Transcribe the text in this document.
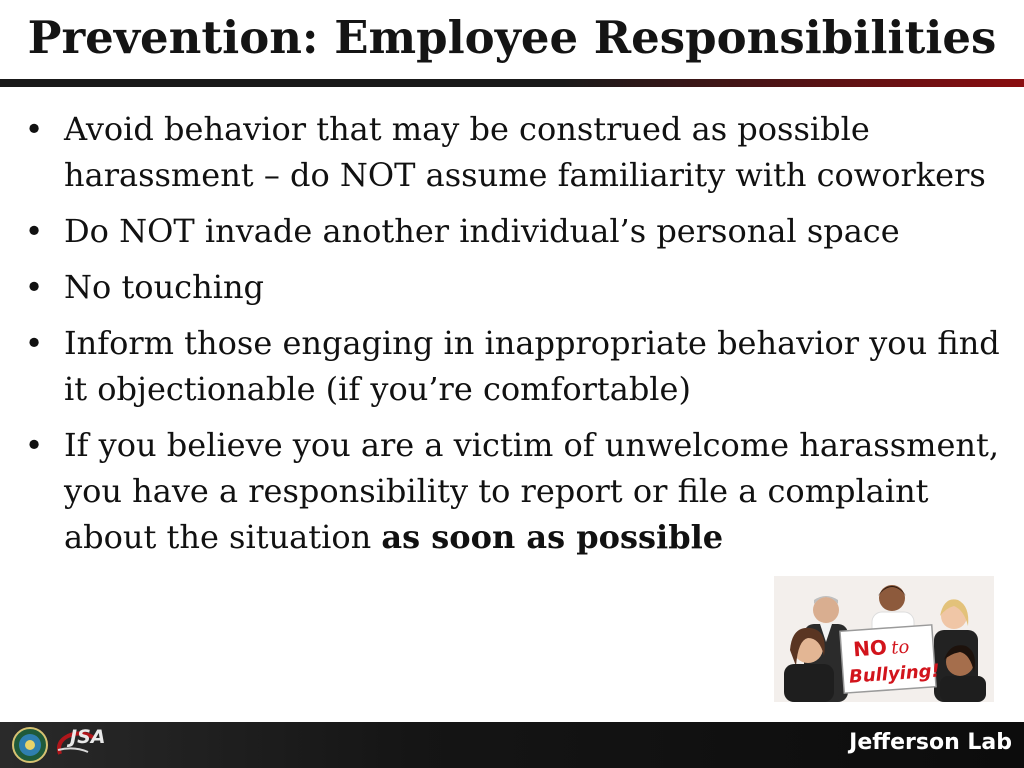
Prevention: Employee Responsibilities
• Avoid behavior that may be construed as possible harassment – do NOT assume familiarity with coworkers
• Do NOT invade another individual’s personal space
• No touching
• Inform those engaging in inappropriate behavior you find it objectionable (if you’re comfortable)
• If you believe you are a victim of unwelcome harassment, you have a responsibility to report or file a complaint about the situation as soon as possible
NO to
Bullying!
JSA	Jefferson Lab
